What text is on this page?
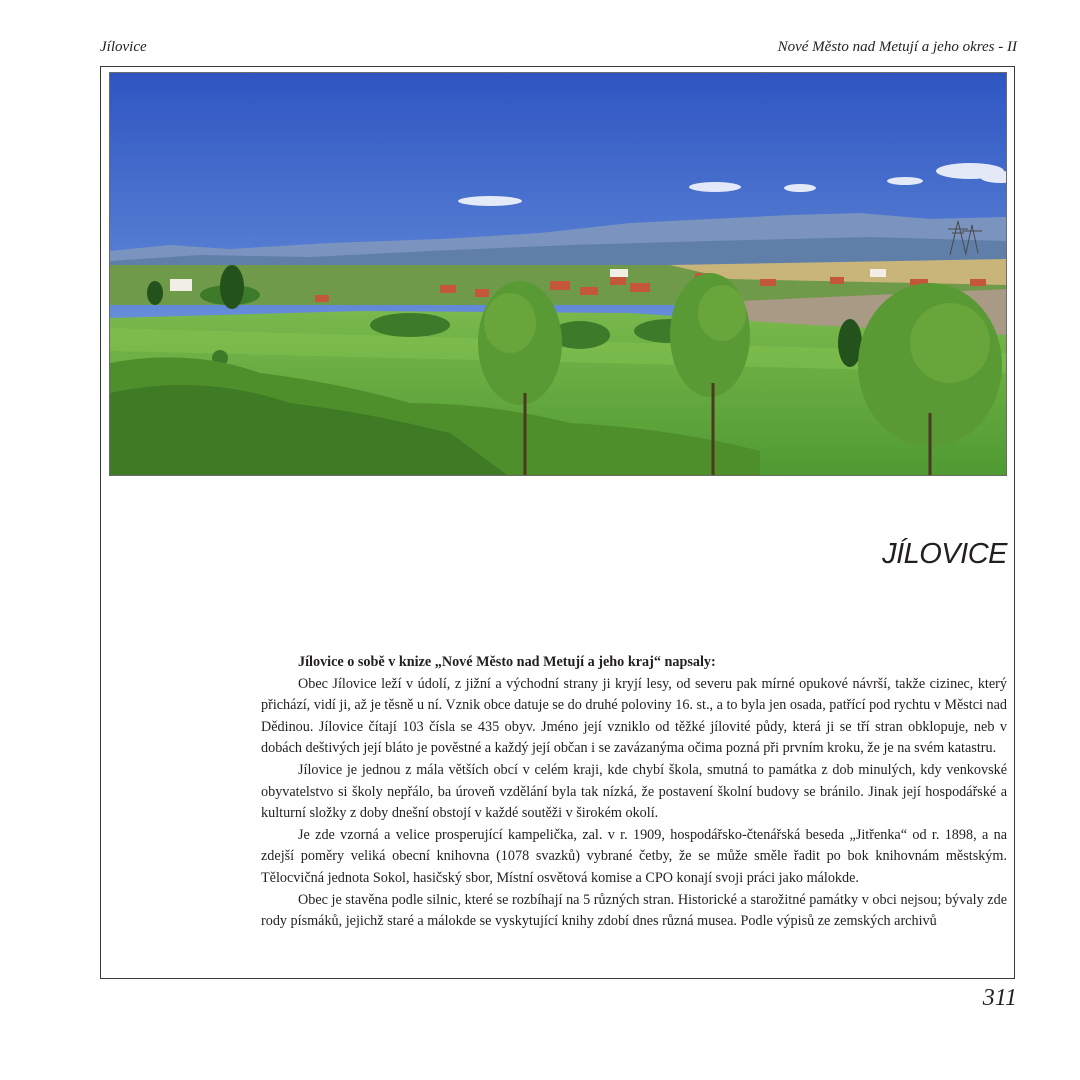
Jílovice	Nové Město nad Metují a jeho okres - II
JÍLOVICE

Jílovice o sobě v knize „Nové Město nad Metují a jeho kraj“ napsaly:

Obec Jílovice leží v údolí, z jižní a východní strany ji kryjí lesy, od severu pak mírné opukové návrší, takže cizinec, který přichází, vidí ji, až je těsně u ní. Vznik obce datuje se do druhé poloviny 16. st., a to byla jen osada, patřící pod rychtu v Městci nad Dědinou. Jílovice čítají 103 čísla se 435 obyv. Jméno její vzniklo od těžké jílovité půdy, která ji se tří stran obklopuje, neb v dobách deštivých její bláto je pověstné a každý její občan i se zavázanýma očima pozná při prvním kroku, že je na svém katastru.

Jílovice je jednou z mála větších obcí v celém kraji, kde chybí škola, smutná to památka z dob minulých, kdy venkovské obyvatelstvo si školy nepřálo, ba úroveň vzdělání byla tak nízká, že postavení školní budovy se bránilo. Jinak její hospodářské a kulturní složky z doby dnešní obstojí v každé soutěži v širokém okolí.

Je zde vzorná a velice prosperující kampelička, zal. v r. 1909, hospodářsko-čtenářská beseda „Jitřenka“ od r. 1898, a na zdejší poměry veliká obecní knihovna (1078 svazků) vybrané četby, že se může směle řadit po bok knihovnám městským. Tělocvičná jednota Sokol, hasičský sbor, Místní osvětová komise a CPO konají svoji práci jako málokde.

Obec je stavěna podle silnic, které se rozbíhají na 5 různých stran. Historické a starožitné památky v obci nejsou; bývaly zde rody písmáků, jejichž staré a málokde se vyskytující knihy zdobí dnes různá musea. Podle výpisů ze zemských archivů

311
